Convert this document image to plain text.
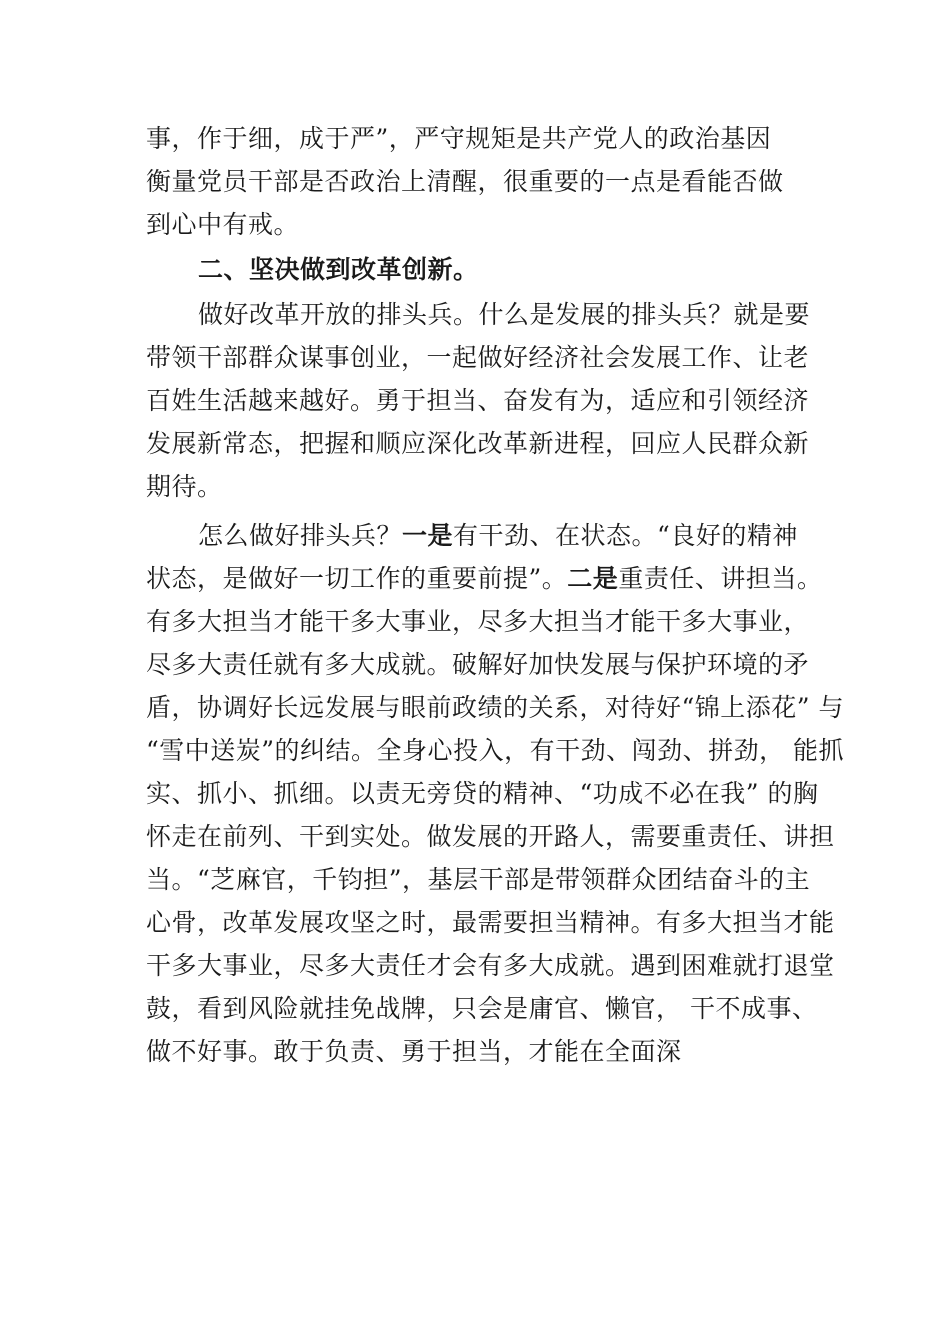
事，作于细，成于严”，严守规矩是共产党人的政治基因
衡量党员干部是否政治上清醒，很重要的一点是看能否做
到心中有戒。
二、坚决做到改革创新。
做好改革开放的排头兵。什么是发展的排头兵？就是要
带领干部群众谋事创业，一起做好经济社会发展工作、让老
百姓生活越来越好。勇于担当、奋发有为，适应和引领经济
发展新常态，把握和顺应深化改革新进程，回应人民群众新
期待。
怎么做好排头兵？一是有干劲、在状态。“良好的精神
状态，是做好一切工作的重要前提”。二是重责任、讲担当。
有多大担当才能干多大事业，尽多大担当才能干多大事业，
尽多大责任就有多大成就。破解好加快发展与保护环境的矛
盾，协调好长远发展与眼前政绩的关系，对待好“锦上添花” 与
“雪中送炭”的纠结。全身心投入，有干劲、闯劲、拼劲， 能抓
实、抓小、抓细。以责无旁贷的精神、“功成不必在我” 的胸
怀走在前列、干到实处。做发展的开路人，需要重责任、讲担
当。“芝麻官，千钧担”，基层干部是带领群众团结奋斗的主
心骨，改革发展攻坚之时，最需要担当精神。有多大担当才能
干多大事业，尽多大责任才会有多大成就。遇到困难就打退堂
鼓，看到风险就挂免战牌，只会是庸官、懒官， 干不成事、
做不好事。敢于负责、勇于担当，才能在全面深
